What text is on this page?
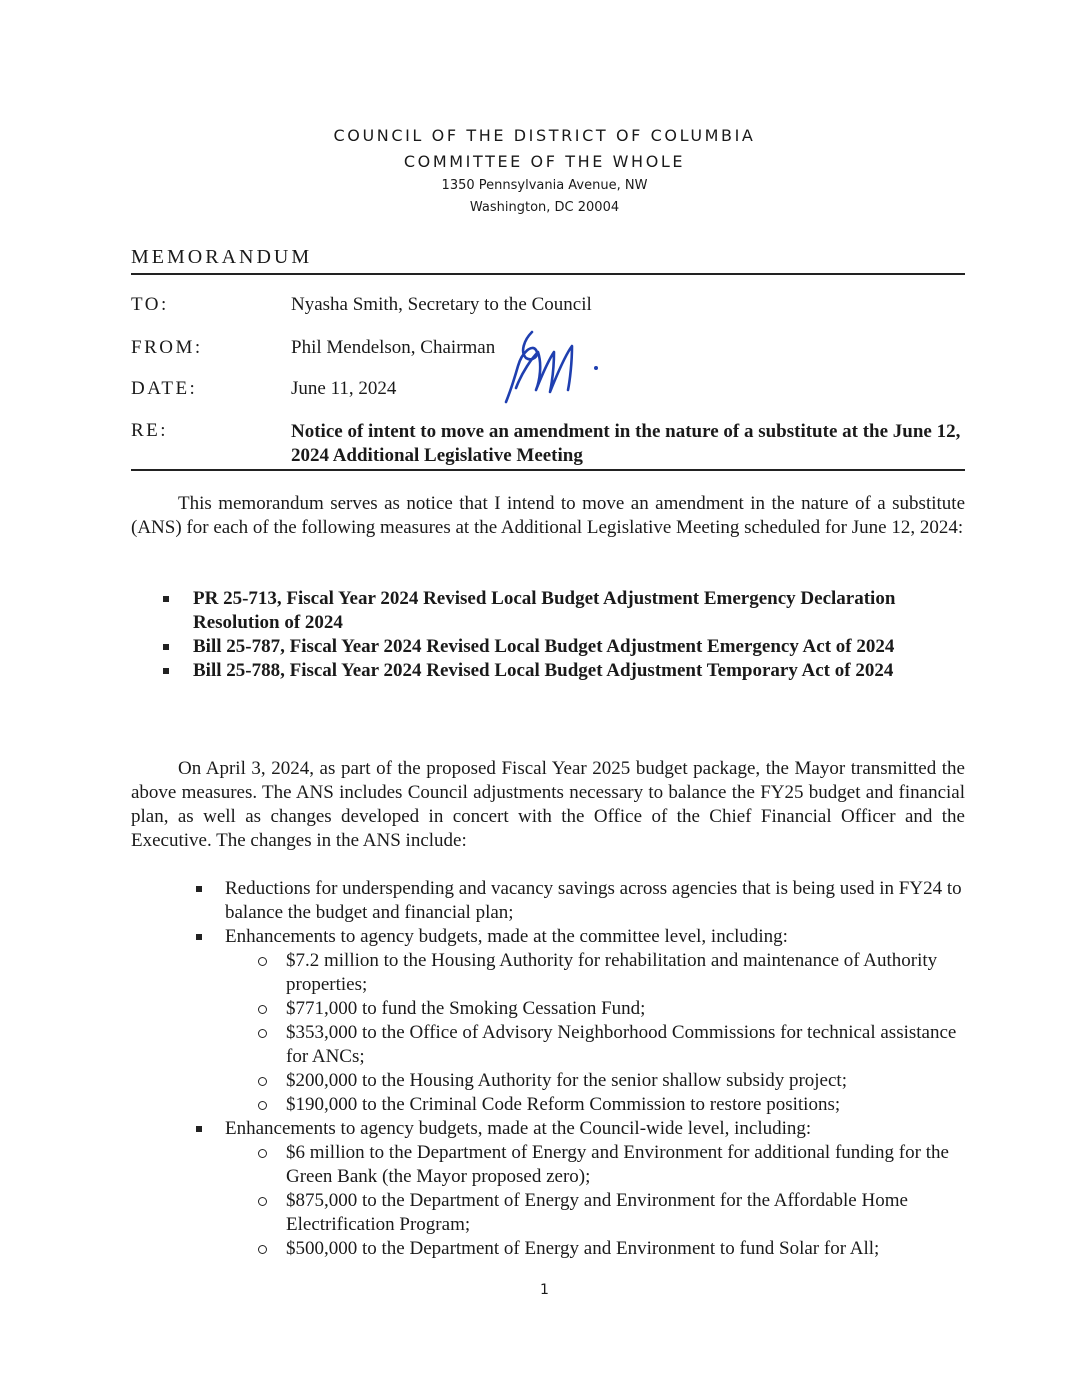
COUNCIL OF THE DISTRICT OF COLUMBIA
COMMITTEE OF THE WHOLE
1350 Pennsylvania Avenue, NW
Washington, DC 20004
MEMORANDUM
TO:	Nyasha Smith, Secretary to the Council
FROM:	Phil Mendelson, Chairman
DATE:	June 11, 2024
RE:	Notice of intent to move an amendment in the nature of a substitute at the June 12, 2024 Additional Legislative Meeting

This memorandum serves as notice that I intend to move an amendment in the nature of a substitute (ANS) for each of the following measures at the Additional Legislative Meeting scheduled for June 12, 2024:

PR 25-713, Fiscal Year 2024 Revised Local Budget Adjustment Emergency Declaration Resolution of 2024
Bill 25-787, Fiscal Year 2024 Revised Local Budget Adjustment Emergency Act of 2024
Bill 25-788, Fiscal Year 2024 Revised Local Budget Adjustment Temporary Act of 2024

On April 3, 2024, as part of the proposed Fiscal Year 2025 budget package, the Mayor transmitted the above measures. The ANS includes Council adjustments necessary to balance the FY25 budget and financial plan, as well as changes developed in concert with the Office of the Chief Financial Officer and the Executive. The changes in the ANS include:

Reductions for underspending and vacancy savings across agencies that is being used in FY24 to balance the budget and financial plan;
Enhancements to agency budgets, made at the committee level, including:
$7.2 million to the Housing Authority for rehabilitation and maintenance of Authority properties;
$771,000 to fund the Smoking Cessation Fund;
$353,000 to the Office of Advisory Neighborhood Commissions for technical assistance for ANCs;
$200,000 to the Housing Authority for the senior shallow subsidy project;
$190,000 to the Criminal Code Reform Commission to restore positions;
Enhancements to agency budgets, made at the Council-wide level, including:
$6 million to the Department of Energy and Environment for additional funding for the Green Bank (the Mayor proposed zero);
$875,000 to the Department of Energy and Environment for the Affordable Home Electrification Program;
$500,000 to the Department of Energy and Environment to fund Solar for All;
1
